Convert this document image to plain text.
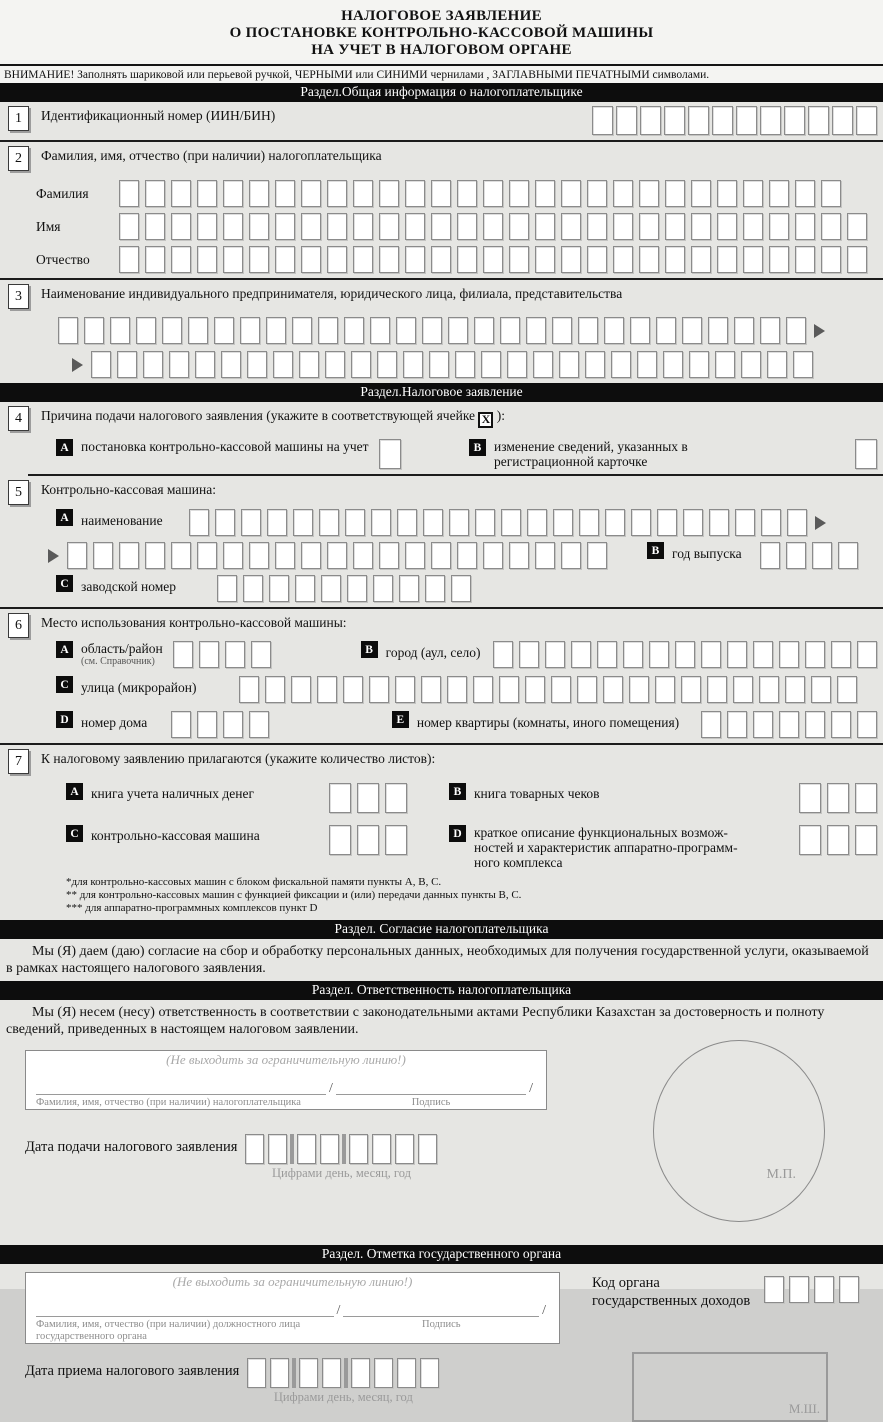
НАЛОГОВОЕ ЗАЯВЛЕНИЕ
О ПОСТАНОВКЕ КОНТРОЛЬНО-КАССОВОЙ МАШИНЫ
НА УЧЕТ В НАЛОГОВОМ ОРГАНЕ
ВНИМАНИЕ! Заполнять шариковой или перьевой ручкой, ЧЕРНЫМИ или СИНИМИ чернилами , ЗАГЛАВНЫМИ ПЕЧАТНЫМИ символами.
Раздел.Общая информация о налогоплательщике
1	Идентификационный номер (ИИН/БИН)
2	Фамилия, имя, отчество (при наличии) налогоплательщика
Фамилия
Имя
Отчество
3	Наименование индивидуального предпринимателя, юридического лица, филиала, представительства
Раздел.Налоговое заявление
4	Причина подачи налогового заявления (укажите в соответствующей ячейке X ):
А постановка контрольно-кассовой машины на учет	В изменение сведений, указанных в регистрационной карточке
5	Контрольно-кассовая машина:
А наименование
В год выпуска
С заводской номер
6	Место использования контрольно-кассовой машины:
А область/район
(см. Справочник)
В город (аул, село)
С улица (микрорайон)
D номер дома	Е номер квартиры (комнаты, иного помещения)
7	К налоговому заявлению прилагаются (укажите количество листов):
А книга учета наличных денег	В книга товарных чеков
С контрольно-кассовая машина	D краткое описание функциональных возмож-
ностей и характеристик аппаратно-программ-
ного комплекса
*для контрольно-кассовых машин с блоком фискальной памяти пункты А, В, С.
** для контрольно-кассовых машин с функцией фиксации и (или) передачи данных пункты В, С.
*** для аппаратно-программных комплексов пункт D
Раздел. Согласие налогоплательщика
Мы (Я) даем (даю) согласие на сбор и обработку персональных данных, необходимых для получения государственной услуги, оказываемой в рамках настоящего налогового заявления.
Раздел. Ответственность налогоплательщика
Мы (Я) несем (несу) ответственность в соответствии с законодательными актами Республики Казахстан за достоверность и полноту сведений, приведенных в настоящем налоговом заявлении.
М.П.
(Не выходить за ограничительную линию!)
/	/
Фамилия, имя, отчество (при наличии) налогоплательщика	Подпись
Дата подачи налогового заявления
Цифрами день, месяц, год
Раздел. Отметка государственного органа
(Не выходить за ограничительную линию!)
/	/
Фамилия, имя, отчество (при наличии) должностного лица
государственного органа
Подпись
Код органа
государственных доходов
М.Ш.
Дата приема налогового заявления
Цифрами день, месяц, год
